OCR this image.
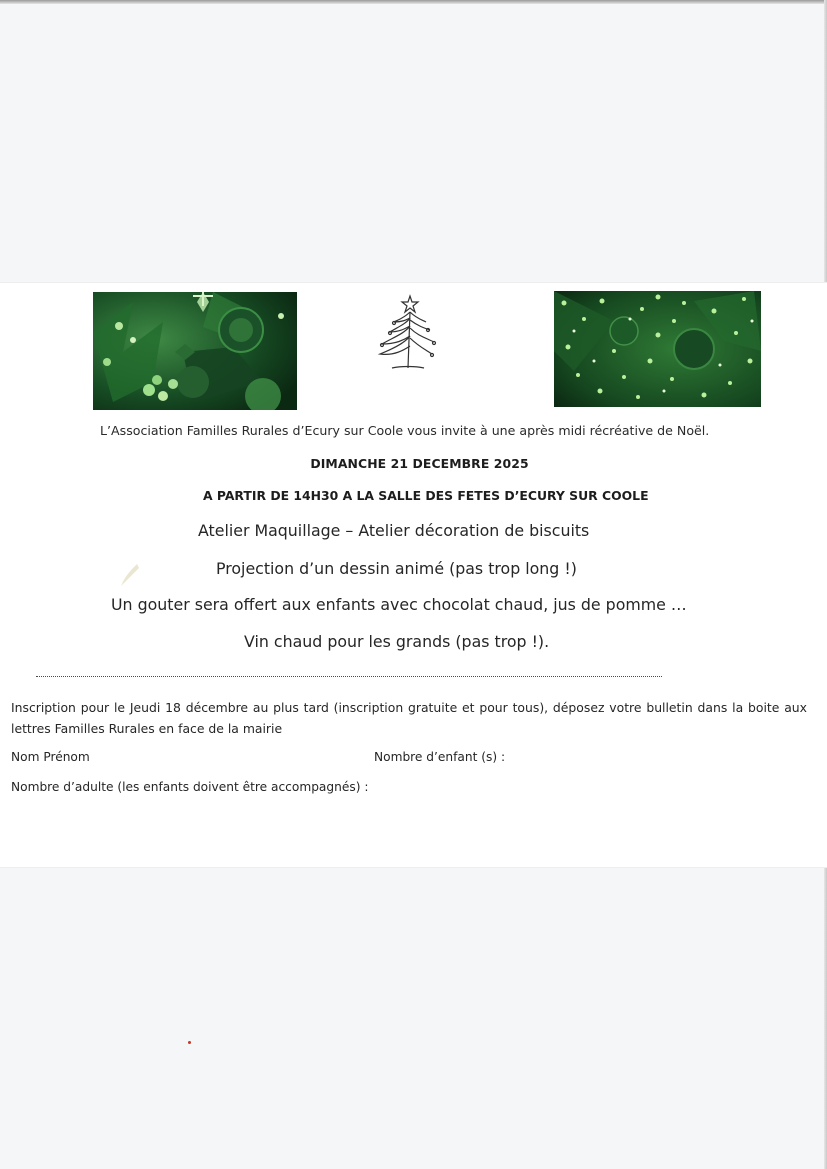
L’Association Familles Rurales d’Ecury sur Coole vous invite à une après midi récréative de Noël.
DIMANCHE 21 DECEMBRE 2025
A PARTIR DE 14H30 A LA SALLE DES FETES D’ECURY SUR COOLE
Atelier Maquillage – Atelier décoration de biscuits
Projection d’un dessin animé (pas trop long !)
Un gouter sera offert aux enfants avec chocolat chaud, jus de pomme …
Vin chaud pour les grands (pas trop !).
Inscription pour le Jeudi 18 décembre au plus tard (inscription gratuite et pour tous), déposez votre bulletin dans la boite aux lettres Familles Rurales en face de la mairie
Nom Prénom	Nombre d’enfant (s) :
Nombre d’adulte (les enfants doivent être accompagnés) :
